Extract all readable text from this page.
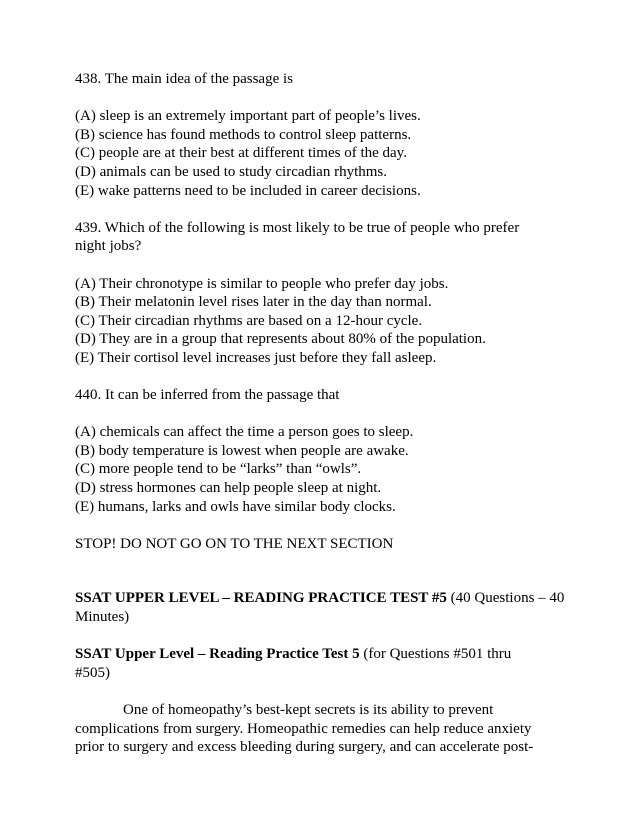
438. The main idea of the passage is

(A) sleep is an extremely important part of people’s lives.

(B) science has found methods to control sleep patterns.

(C) people are at their best at different times of the day.

(D) animals can be used to study circadian rhythms.

(E) wake patterns need to be included in career decisions.

439. Which of the following is most likely to be true of people who prefer night jobs?

(A) Their chronotype is similar to people who prefer day jobs.

(B) Their melatonin level rises later in the day than normal.

(C) Their circadian rhythms are based on a 12-hour cycle.

(D) They are in a group that represents about 80% of the population.

(E) Their cortisol level increases just before they fall asleep.

440. It can be inferred from the passage that

(A) chemicals can affect the time a person goes to sleep.

(B) body temperature is lowest when people are awake.

(C) more people tend to be “larks” than “owls”.

(D) stress hormones can help people sleep at night.

(E) humans, larks and owls have similar body clocks.

STOP! DO NOT GO ON TO THE NEXT SECTION

SSAT UPPER LEVEL – READING PRACTICE TEST #5 (40 Questions – 40 Minutes)

SSAT Upper Level – Reading Practice Test 5 (for Questions #501 thru #505)

One of homeopathy’s best-kept secrets is its ability to prevent complications from surgery. Homeopathic remedies can help reduce anxiety prior to surgery and excess bleeding during surgery, and can accelerate post-
